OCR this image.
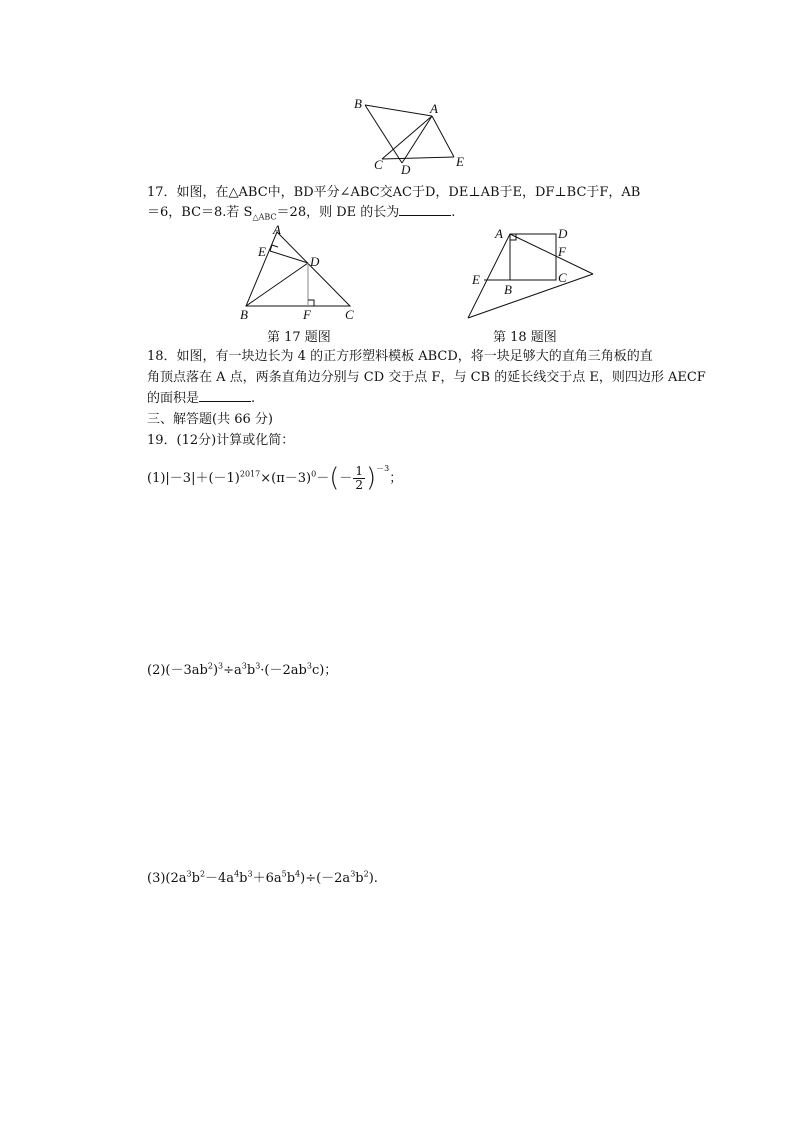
B	A
C D
E
17．如图，在△ABC中，BD平分∠ABC交AC于D，DE⊥AB于E，DF⊥BC于F，AB
＝6，BC＝8.若 $S_{\triangle ABC}=28$，则 DE 的长为	.
A
E
D
B	F	C
第 17 题图
A	D
F
E	C
B
第 18 题图
18．如图，有一块边长为 4 的正方形塑料模板 ABCD，将一块足够大的直角三角板的直
角顶点落在 A 点，两条直角边分别与 CD 交于点 F，与 CB 的延长线交于点 E，则四边形 AECF
的面积是	.
三、解答题(共 66 分)
19．(12分)计算或化简：
$(1)|-3|+(-1)^{2017}\times(\pi-3)^0-(- \frac{1}{2} )^{-3}$；
$(2)(-3ab^2)^3\div a^3b^3\cdot(-2ab^3c)$；
$(3)(2a^3b^2-4a^4b^3+6a^5b^4)\div(-2a^3b^2)$.
